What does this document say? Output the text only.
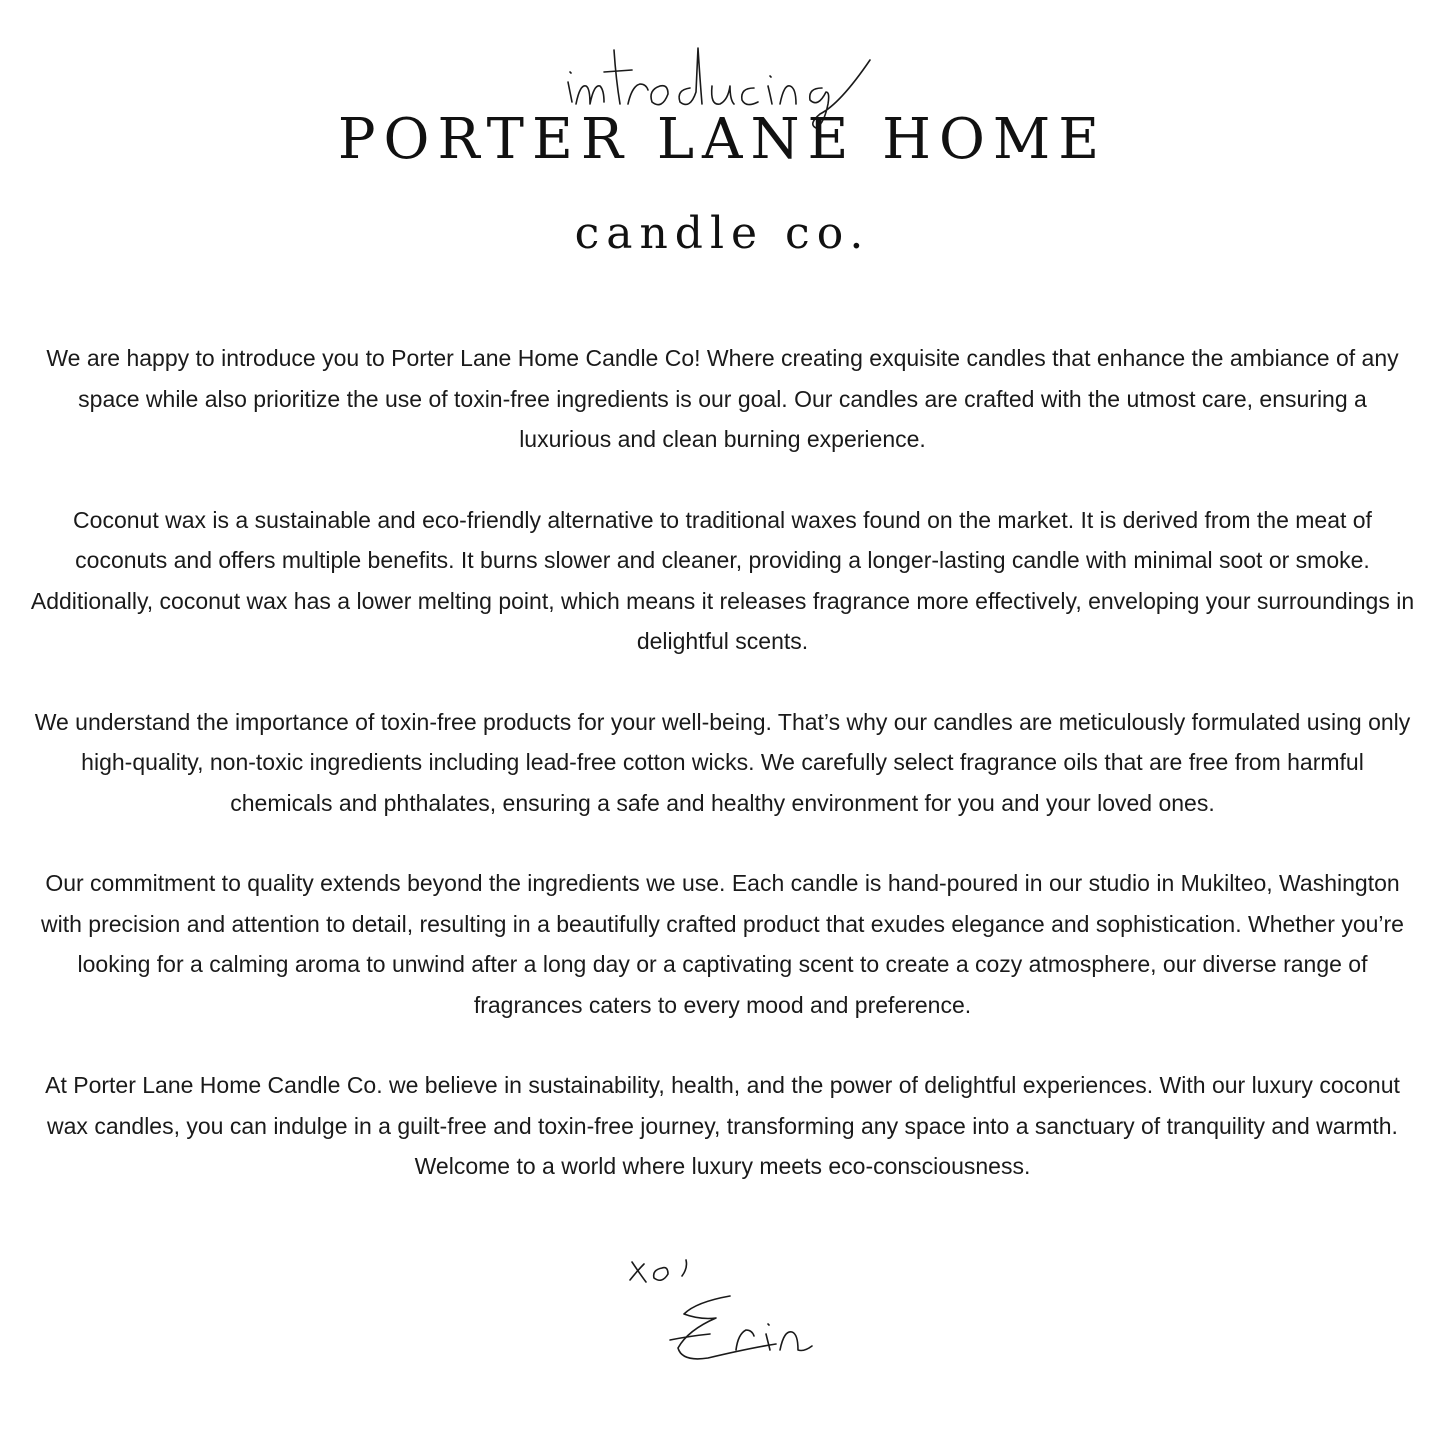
PORTER LANE HOME
candle co.

We are happy to introduce you to Porter Lane Home Candle Co! Where creating exquisite candles that enhance the ambiance of any space while also prioritize the use of toxin-free ingredients is our goal. Our candles are crafted with the utmost care, ensuring a luxurious and clean burning experience.

Coconut wax is a sustainable and eco-friendly alternative to traditional waxes found on the market. It is derived from the meat of coconuts and offers multiple benefits. It burns slower and cleaner, providing a longer-lasting candle with minimal soot or smoke. Additionally, coconut wax has a lower melting point, which means it releases fragrance more effectively, enveloping your surroundings in delightful scents.

We understand the importance of toxin-free products for your well-being. That’s why our candles are meticulously formulated using only high-quality, non-toxic ingredients including lead-free cotton wicks. We carefully select fragrance oils that are free from harmful chemicals and phthalates, ensuring a safe and healthy environment for you and your loved ones.

Our commitment to quality extends beyond the ingredients we use. Each candle is hand-poured in our studio in Mukilteo, Washington with precision and attention to detail, resulting in a beautifully crafted product that exudes elegance and sophistication. Whether you’re looking for a calming aroma to unwind after a long day or a captivating scent to create a cozy atmosphere, our diverse range of fragrances caters to every mood and preference.

At Porter Lane Home Candle Co. we believe in sustainability, health, and the power of delightful experiences. With our luxury coconut wax candles, you can indulge in a guilt-free and toxin-free journey, transforming any space into a sanctuary of tranquility and warmth. Welcome to a world where luxury meets eco-consciousness.
